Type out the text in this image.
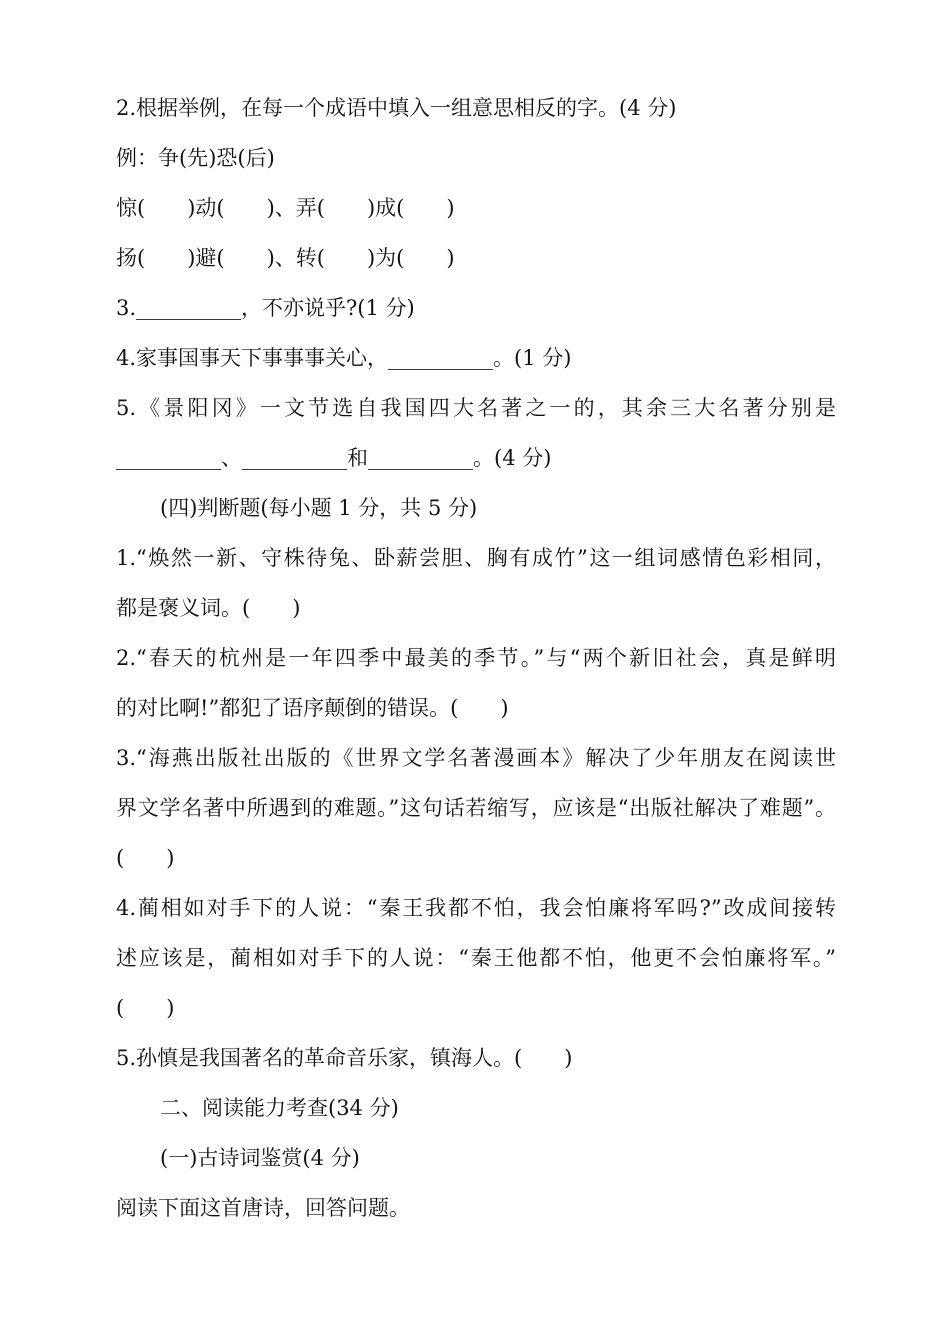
2.根据举例，在每一个成语中填入一组意思相反的字。(4 分)
例：争(先)恐(后)
惊(　　)动(　　)、弄(　　)成(　　)
扬(　　)避(　　)、转(　　)为(　　)
3.__________，不亦说乎?(1 分)
4.家事国事天下事事事关心，__________。(1 分)
5.《景阳冈》一文节选自我国四大名著之一的，其余三大名著分别是
__________、__________和__________。(4 分)
(四)判断题(每小题 1 分，共 5 分)
1.“焕然一新、守株待兔、卧薪尝胆、胸有成竹”这一组词感情色彩相同，
都是褒义词。(　　)
2.“春天的杭州是一年四季中最美的季节。”与“两个新旧社会，真是鲜明
的对比啊!”都犯了语序颠倒的错误。(　　)
3.“海燕出版社出版的《世界文学名著漫画本》解决了少年朋友在阅读世
界文学名著中所遇到的难题。”这句话若缩写，应该是“出版社解决了难题”。
(　　)
4.蔺相如对手下的人说：“秦王我都不怕，我会怕廉将军吗?”改成间接转
述应该是，蔺相如对手下的人说：“秦王他都不怕，他更不会怕廉将军。”
(　　)
5.孙慎是我国著名的革命音乐家，镇海人。(　　)
二、阅读能力考查(34 分)
(一)古诗词鉴赏(4 分)
阅读下面这首唐诗，回答问题。
